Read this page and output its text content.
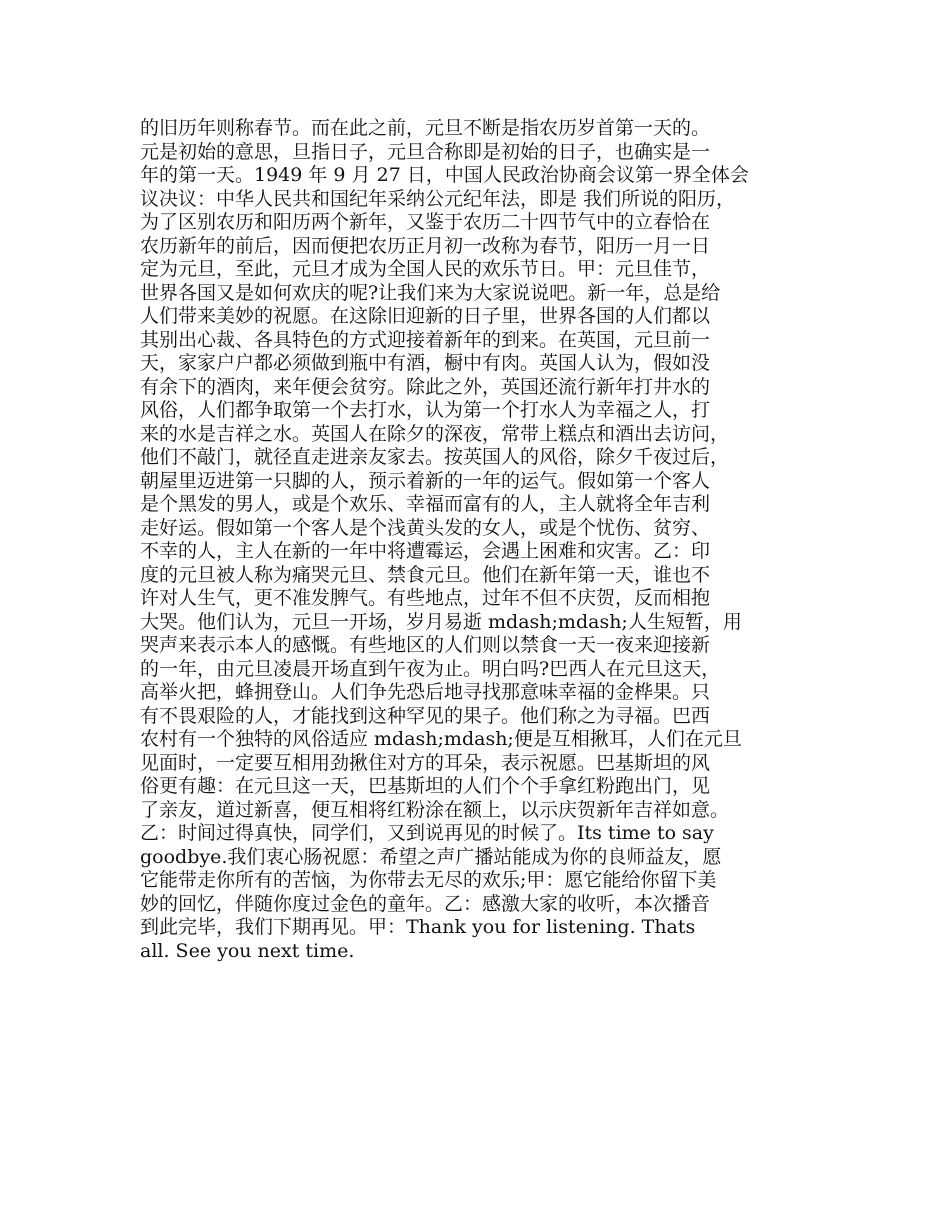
的旧历年则称春节。而在此之前，元旦不断是指农历岁首第一天的。
元是初始的意思，旦指日子，元旦合称即是初始的日子，也确实是一
年的第一天。1949 年 9 月 27 日，中国人民政治协商会议第一界全体会
议决议：中华人民共和国纪年采纳公元纪年法，即是 我们所说的阳历，
为了区别农历和阳历两个新年，又鉴于农历二十四节气中的立春恰在
农历新年的前后，因而便把农历正月初一改称为春节，阳历一月一日
定为元旦，至此，元旦才成为全国人民的欢乐节日。甲：元旦佳节，
世界各国又是如何欢庆的呢?让我们来为大家说说吧。新一年，总是给
人们带来美妙的祝愿。在这除旧迎新的日子里，世界各国的人们都以
其别出心裁、各具特色的方式迎接着新年的到来。在英国，元旦前一
天，家家户户都必须做到瓶中有酒，橱中有肉。英国人认为，假如没
有余下的酒肉，来年便会贫穷。除此之外，英国还流行新年打井水的
风俗，人们都争取第一个去打水，认为第一个打水人为幸福之人，打
来的水是吉祥之水。英国人在除夕的深夜，常带上糕点和酒出去访问，
他们不敲门，就径直走进亲友家去。按英国人的风俗，除夕千夜过后，
朝屋里迈进第一只脚的人，预示着新的一年的运气。假如第一个客人
是个黑发的男人，或是个欢乐、幸福而富有的人，主人就将全年吉利
走好运。假如第一个客人是个浅黄头发的女人，或是个忧伤、贫穷、
不幸的人，主人在新的一年中将遭霉运，会遇上困难和灾害。乙：印
度的元旦被人称为痛哭元旦、禁食元旦。他们在新年第一天，谁也不
许对人生气，更不准发脾气。有些地点，过年不但不庆贺，反而相抱
大哭。他们认为，元旦一开场，岁月易逝 mdash;mdash;人生短暂，用
哭声来表示本人的感慨。有些地区的人们则以禁食一天一夜来迎接新
的一年，由元旦凌晨开场直到午夜为止。明白吗?巴西人在元旦这天，
高举火把，蜂拥登山。人们争先恐后地寻找那意味幸福的金桦果。只
有不畏艰险的人，才能找到这种罕见的果子。他们称之为寻福。巴西
农村有一个独特的风俗适应 mdash;mdash;便是互相揪耳，人们在元旦
见面时，一定要互相用劲揪住对方的耳朵，表示祝愿。巴基斯坦的风
俗更有趣：在元旦这一天，巴基斯坦的人们个个手拿红粉跑出门，见
了亲友，道过新喜，便互相将红粉涂在额上，以示庆贺新年吉祥如意。
乙：时间过得真快，同学们，又到说再见的时候了。Its time to say
goodbye.我们衷心肠祝愿：希望之声广播站能成为你的良师益友，愿
它能带走你所有的苦恼，为你带去无尽的欢乐;甲：愿它能给你留下美
妙的回忆，伴随你度过金色的童年。乙：感激大家的收听，本次播音
到此完毕，我们下期再见。甲：Thank you for listening. Thats
all. See you next time.
